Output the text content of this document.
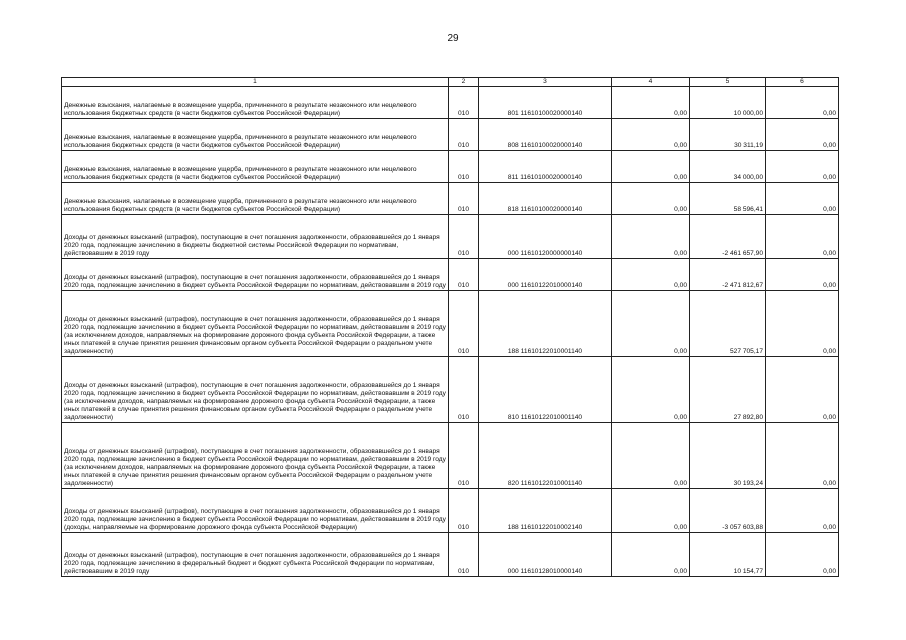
29
1	2	3	4	5	6
Денежные взыскания, налагаемые в возмещение ущерба, причиненного в результате незаконного или нецелевого использования бюджетных средств (в части бюджетов субъектов Российской Федерации)	010	801 11610100020000140	0,00	10 000,00	0,00
Денежные взыскания, налагаемые в возмещение ущерба, причиненного в результате незаконного или нецелевого использования бюджетных средств (в части бюджетов субъектов Российской Федерации)	010	808 11610100020000140	0,00	30 311,19	0,00
Денежные взыскания, налагаемые в возмещение ущерба, причиненного в результате незаконного или нецелевого использования бюджетных средств (в части бюджетов субъектов Российской Федерации)	010	811 11610100020000140	0,00	34 000,00	0,00
Денежные взыскания, налагаемые в возмещение ущерба, причиненного в результате незаконного или нецелевого использования бюджетных средств (в части бюджетов субъектов Российской Федерации)	010	818 11610100020000140	0,00	58 596,41	0,00
Доходы от денежных взысканий (штрафов), поступающие в счет погашения задолженности, образовавшейся до 1 января 2020 года, подлежащие зачислению в бюджеты бюджетной системы Российской Федерации по нормативам, действовавшим в 2019 году	010	000 11610120000000140	0,00	-2 461 657,90	0,00
Доходы от денежных взысканий (штрафов), поступающие в счет погашения задолженности, образовавшейся до 1 января 2020 года, подлежащие зачислению в бюджет субъекта Российской Федерации по нормативам, действовавшим в 2019 году	010	000 11610122010000140	0,00	-2 471 812,67	0,00
Доходы от денежных взысканий (штрафов), поступающие в счет погашения задолженности, образовавшейся до 1 января 2020 года, подлежащие зачислению в бюджет субъекта Российской Федерации по нормативам, действовавшим в 2019 году (за исключением доходов, направляемых на формирование дорожного фонда субъекта Российской Федерации, а также иных платежей в случае принятия решения финансовым органом субъекта Российской Федерации о раздельном учете задолженности)	010	188 11610122010001140	0,00	527 705,17	0,00
Доходы от денежных взысканий (штрафов), поступающие в счет погашения задолженности, образовавшейся до 1 января 2020 года, подлежащие зачислению в бюджет субъекта Российской Федерации по нормативам, действовавшим в 2019 году (за исключением доходов, направляемых на формирование дорожного фонда субъекта Российской Федерации, а также иных платежей в случае принятия решения финансовым органом субъекта Российской Федерации о раздельном учете задолженности)	010	810 11610122010001140	0,00	27 892,80	0,00
Доходы от денежных взысканий (штрафов), поступающие в счет погашения задолженности, образовавшейся до 1 января 2020 года, подлежащие зачислению в бюджет субъекта Российской Федерации по нормативам, действовавшим в 2019 году (за исключением доходов, направляемых на формирование дорожного фонда субъекта Российской Федерации, а также иных платежей в случае принятия решения финансовым органом субъекта Российской Федерации о раздельном учете задолженности)	010	820 11610122010001140	0,00	30 193,24	0,00
Доходы от денежных взысканий (штрафов), поступающие в счет погашения задолженности, образовавшейся до 1 января 2020 года, подлежащие зачислению в бюджет субъекта Российской Федерации по нормативам, действовавшим в 2019 году (доходы, направляемые на формирование дорожного фонда субъекта Российской Федерации)	010	188 11610122010002140	0,00	-3 057 603,88	0,00
Доходы от денежных взысканий (штрафов), поступающие в счет погашения задолженности, образовавшейся до 1 января 2020 года, подлежащие зачислению в федеральный бюджет и бюджет субъекта Российской Федерации по нормативам, действовавшим в 2019 году	010	000 11610128010000140	0,00	10 154,77	0,00
